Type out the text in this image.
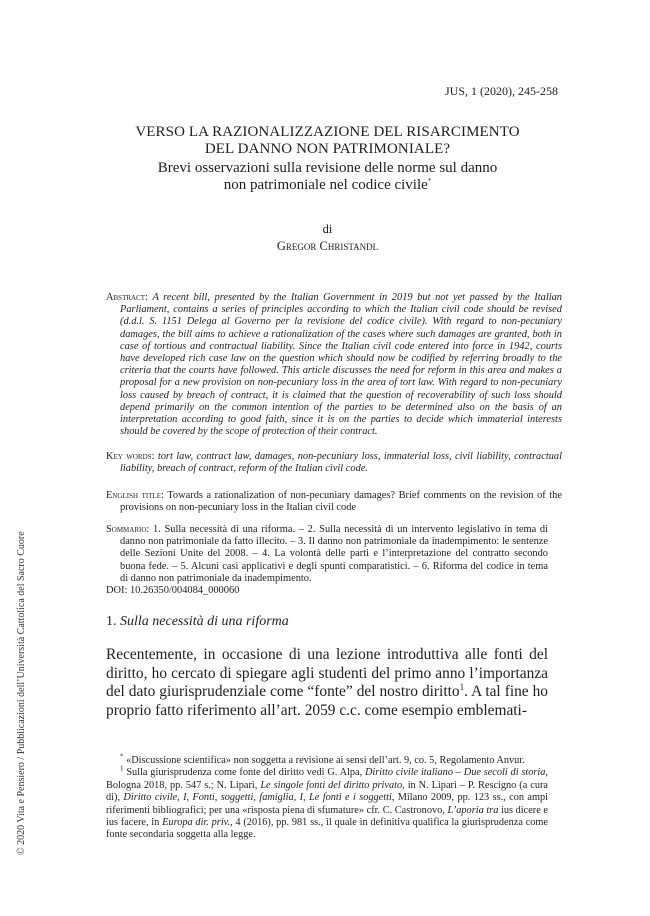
© 2020 Vita e Pensiero / Pubblicazioni dell’Università Cattolica del Sacro Cuore
JUS, 1 (2020), 245-258
VERSO LA RAZIONALIZZAZIONE DEL RISARCIMENTO
DEL DANNO NON PATRIMONIALE?
Brevi osservazioni sulla revisione delle norme sul danno
non patrimoniale nel codice civile*
di
Gregor Christandl
Abstract: A recent bill, presented by the Italian Government in 2019 but not yet passed by the Italian Parliament, contains a series of principles according to which the Italian civil code should be revised (d.d.l. S. 1151 Delega al Governo per la revisione del codice civile). With regard to non-pecuniary damages, the bill aims to achieve a rationalization of the cases where such damages are granted, both in case of tortious and contractual liability. Since the Italian civil code entered into force in 1942, courts have developed rich case law on the question which should now be codified by referring broadly to the criteria that the courts have followed. This article discusses the need for reform in this area and makes a proposal for a new provision on non-pecuniary loss in the area of tort law. With regard to non-pecuniary loss caused by breach of contract, it is claimed that the question of recoverability of such loss should depend primarily on the common intention of the parties to be determined also on the basis of an interpretation according to good faith, since it is on the parties to decide which immaterial interests should be covered by the scope of protection of their contract.
Key words: tort law, contract law, damages, non-pecuniary loss, immaterial loss, civil liability, contractual liability, breach of contract, reform of the Italian civil code.
English title: Towards a rationalization of non-pecuniary damages? Brief comments on the revision of the provisions on non-pecuniary loss in the Italian civil code
Sommario: 1. Sulla necessità di una riforma. – 2. Sulla necessità di un intervento legislativo in tema di danno non patrimoniale da fatto illecito. – 3. Il danno non patrimoniale da inadempimento: le sentenze delle Sezioni Unite del 2008. – 4. La volontà delle parti e l’interpretazione del contratto secondo buona fede. – 5. Alcuni casi applicativi e degli spunti comparatistici. – 6. Riforma del codice in tema di danno non patrimoniale da inadempimento.
DOI: 10.26350/004084_000060
1. Sulla necessità di una riforma
Recentemente, in occasione di una lezione introduttiva alle fonti del diritto, ho cercato di spiegare agli studenti del primo anno l’importanza del dato giurisprudenziale come “fonte” del nostro diritto$^1$. A tal fine ho proprio fatto riferimento all’art. 2059 c.c. come esempio emblemati-

* «Discussione scientifica» non soggetta a revisione ai sensi dell’art. 9, co. 5, Regolamento Anvur.

$^1$ Sulla giurisprudenza come fonte del diritto vedi G. Alpa, Diritto civile italiano – Due secoli di storia, Bologna 2018, pp. 547 s.; N. Lipari, Le singole fonti del diritto privato, in N. Lipari – P. Rescigno (a cura di), Diritto civile, I, Fonti, soggetti, famiglia, I, Le fonti e i soggetti, Milano 2009, pp. 123 ss., con ampi riferimenti bibliografici; per una «risposta piena di sfumature» cfr. C. Castronovo, L’aporia tra ius dicere e ius facere, in Europa dir. priv., 4 (2016), pp. 981 ss., il quale in definitiva qualifica la giurisprudenza come fonte secondaria soggetta alla legge.
